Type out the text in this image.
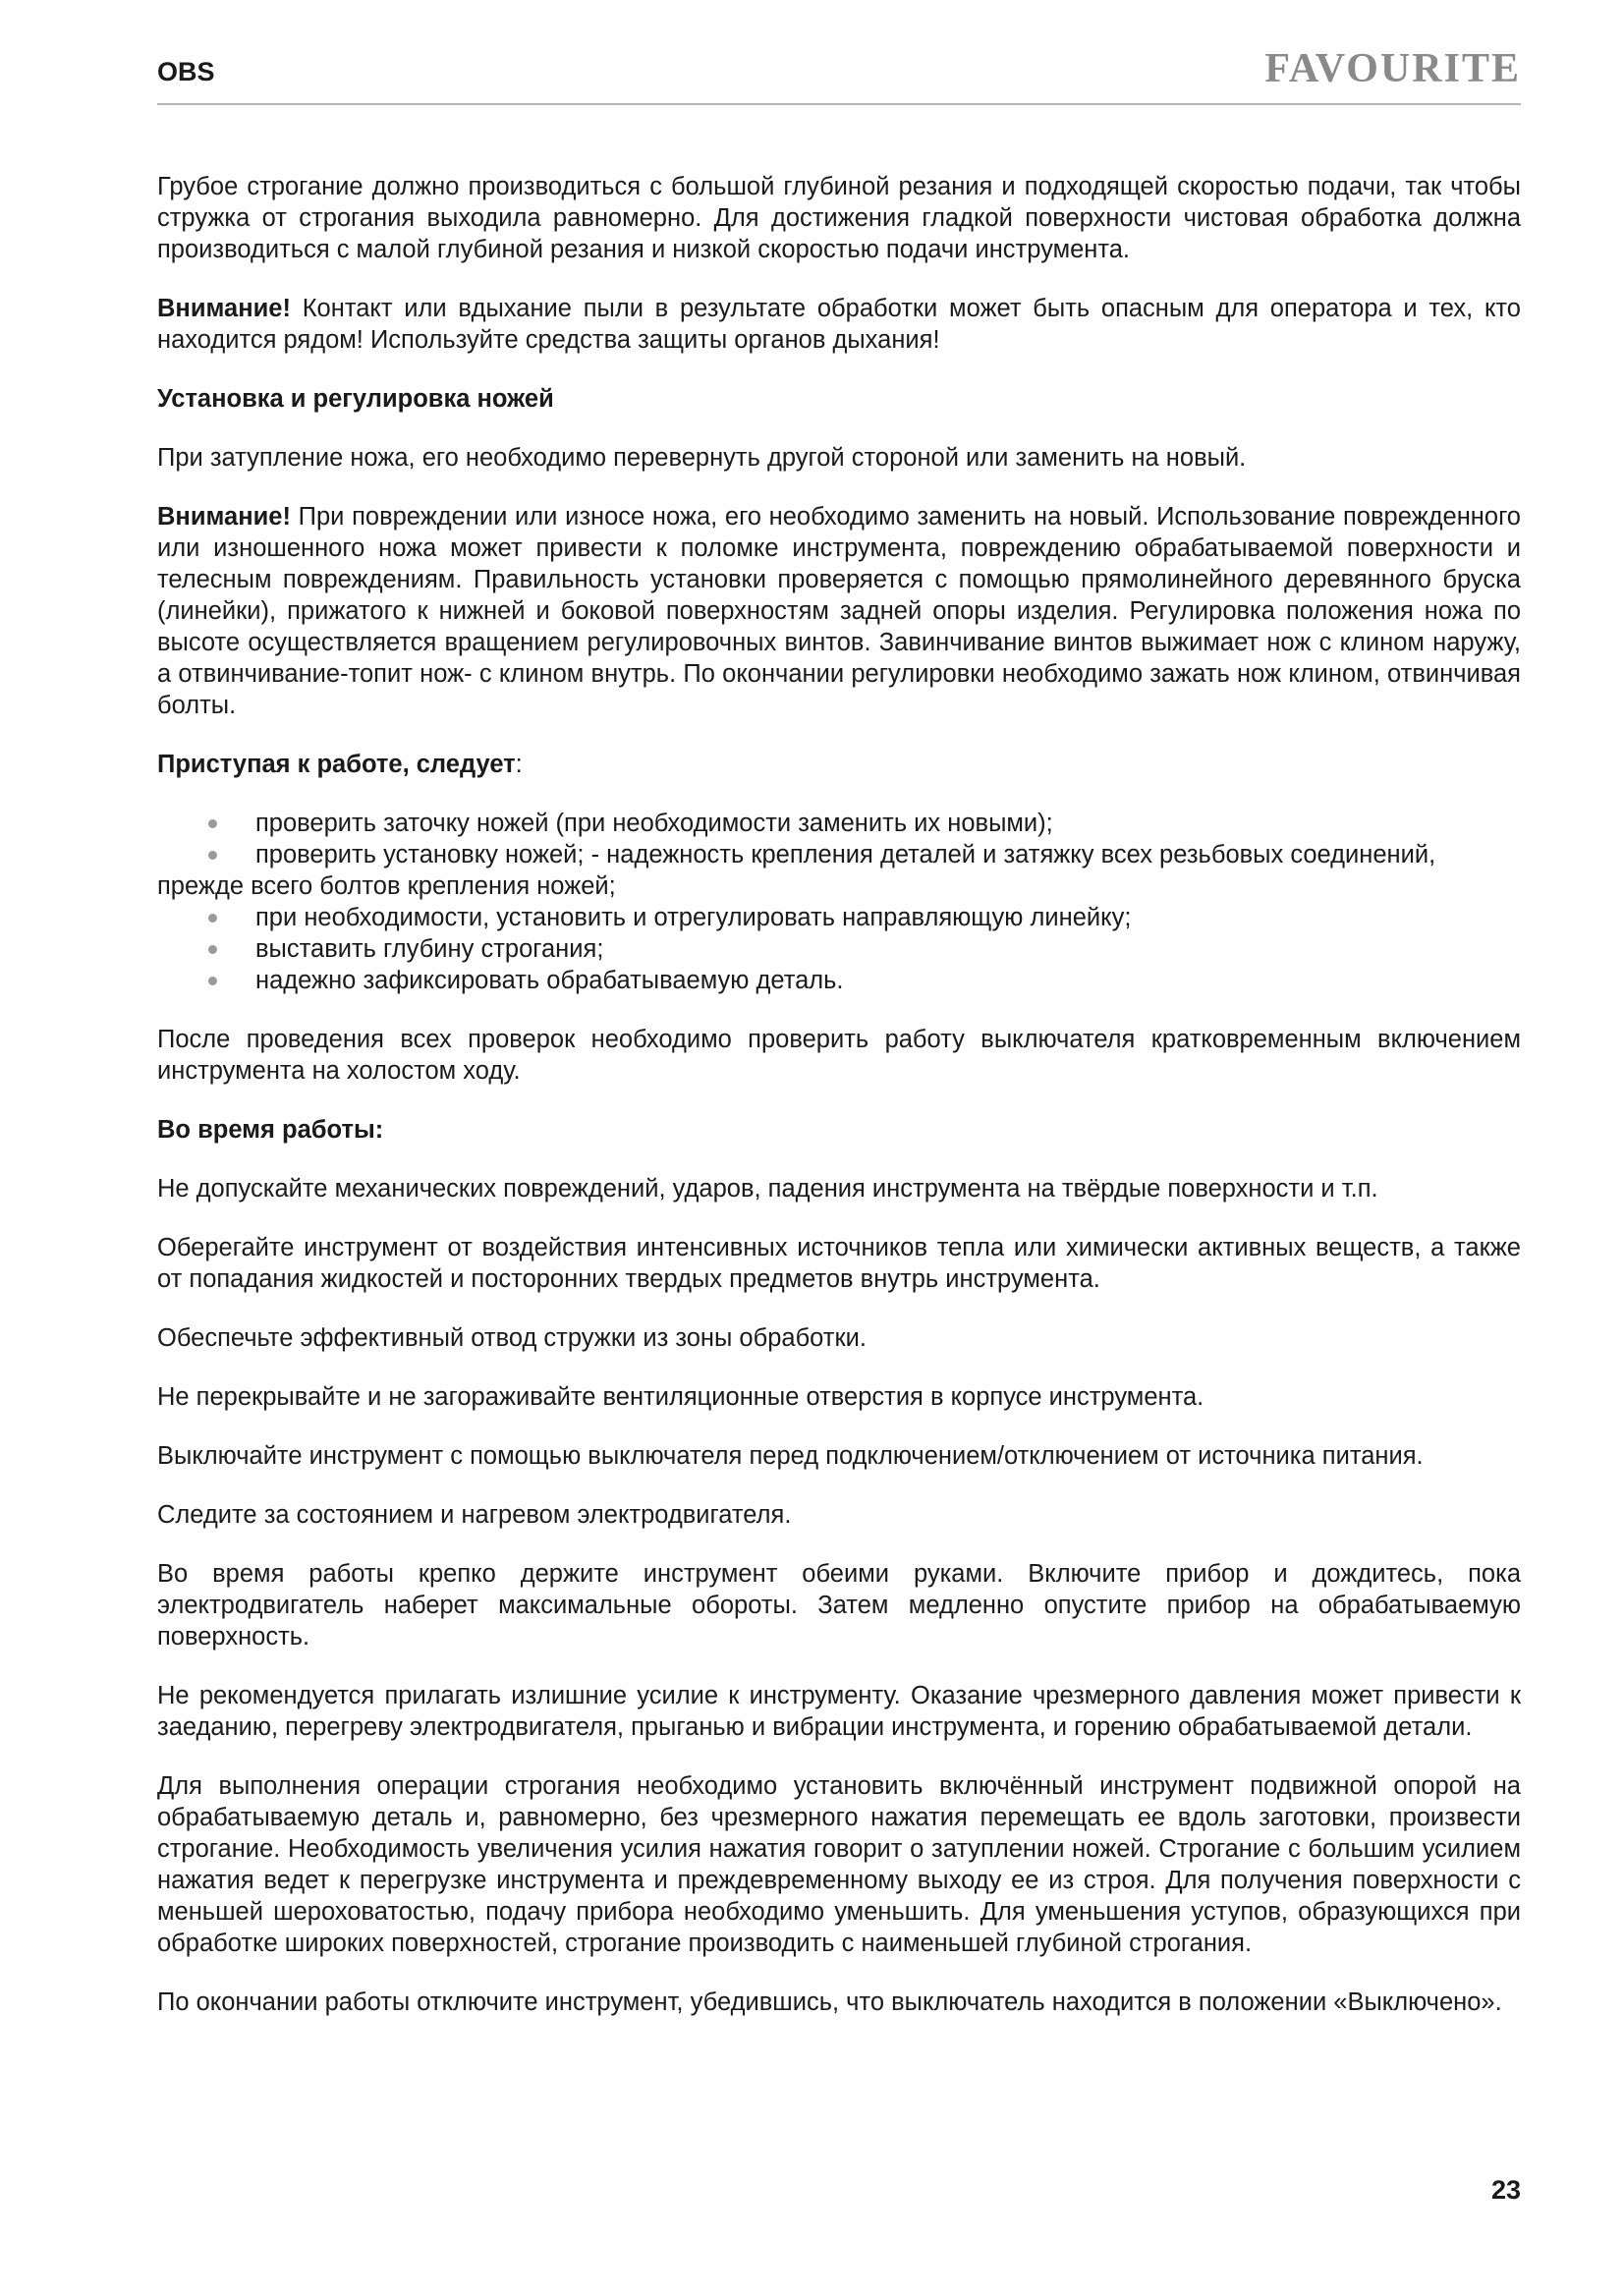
OBS	FAVOURITE

Грубое строгание должно производиться с большой глубиной резания и подходящей скоростью подачи, так чтобы стружка от строгания выходила равномерно. Для достижения гладкой поверхности чистовая обработка должна производиться с малой глубиной резания и низкой скоростью подачи инструмента.

Внимание! Контакт или вдыхание пыли в результате обработки может быть опасным для оператора и тех, кто находится рядом! Используйте средства защиты органов дыхания!

Установка и регулировка ножей

При затупление ножа, его необходимо перевернуть другой стороной или заменить на новый.

Внимание! При повреждении или износе ножа, его необходимо заменить на новый. Использование поврежденного или изношенного ножа может привести к поломке инструмента, повреждению обрабатываемой поверхности и телесным повреждениям. Правильность установки проверяется с помощью прямолинейного деревянного бруска (линейки), прижатого к нижней и боковой поверхностям задней опоры изделия. Регулировка положения ножа по высоте осуществляется вращением регулировочных винтов. Завинчивание винтов выжимает нож с клином наружу, а отвинчивание-топит нож- с клином внутрь. По окончании регулировки необходимо зажать нож клином, отвинчивая болты.

Приступая к работе, следует:

проверить заточку ножей (при необходимости заменить их новыми);
проверить установку ножей; - надежность крепления деталей и затяжку всех резьбовых соединений, прежде всего болтов крепления ножей;
при необходимости, установить и отрегулировать направляющую линейку;
выставить глубину строгания;
надежно зафиксировать обрабатываемую деталь.

После проведения всех проверок необходимо проверить работу выключателя кратковременным включением инструмента на холостом ходу.

Во время работы:

Не допускайте механических повреждений, ударов, падения инструмента на твёрдые поверхности и т.п.

Оберегайте инструмент от воздействия интенсивных источников тепла или химически активных веществ, а также от попадания жидкостей и посторонних твердых предметов внутрь инструмента.

Обеспечьте эффективный отвод стружки из зоны обработки.

Не перекрывайте и не загораживайте вентиляционные отверстия в корпусе инструмента.

Выключайте инструмент с помощью выключателя перед подключением/отключением от источника питания.

Следите за состоянием и нагревом электродвигателя.

Во время работы крепко держите инструмент обеими руками. Включите прибор и дождитесь, пока электродвигатель наберет максимальные обороты. Затем медленно опустите прибор на обрабатываемую поверхность.

Не рекомендуется прилагать излишние усилие к инструменту. Оказание чрезмерного давления может привести к заеданию, перегреву электродвигателя, прыганью и вибрации инструмента, и горению обрабатываемой детали.

Для выполнения операции строгания необходимо установить включённый инструмент подвижной опорой на обрабатываемую деталь и, равномерно, без чрезмерного нажатия перемещать ее вдоль заготовки, произвести строгание. Необходимость увеличения усилия нажатия говорит о затуплении ножей. Строгание с большим усилием нажатия ведет к перегрузке инструмента и преждевременному выходу ее из строя. Для получения поверхности с меньшей шероховатостью, подачу прибора необходимо уменьшить. Для уменьшения уступов, образующихся при обработке широких поверхностей, строгание производить с наименьшей глубиной строгания.

По окончании работы отключите инструмент, убедившись, что выключатель находится в положении «Выключено».

23
